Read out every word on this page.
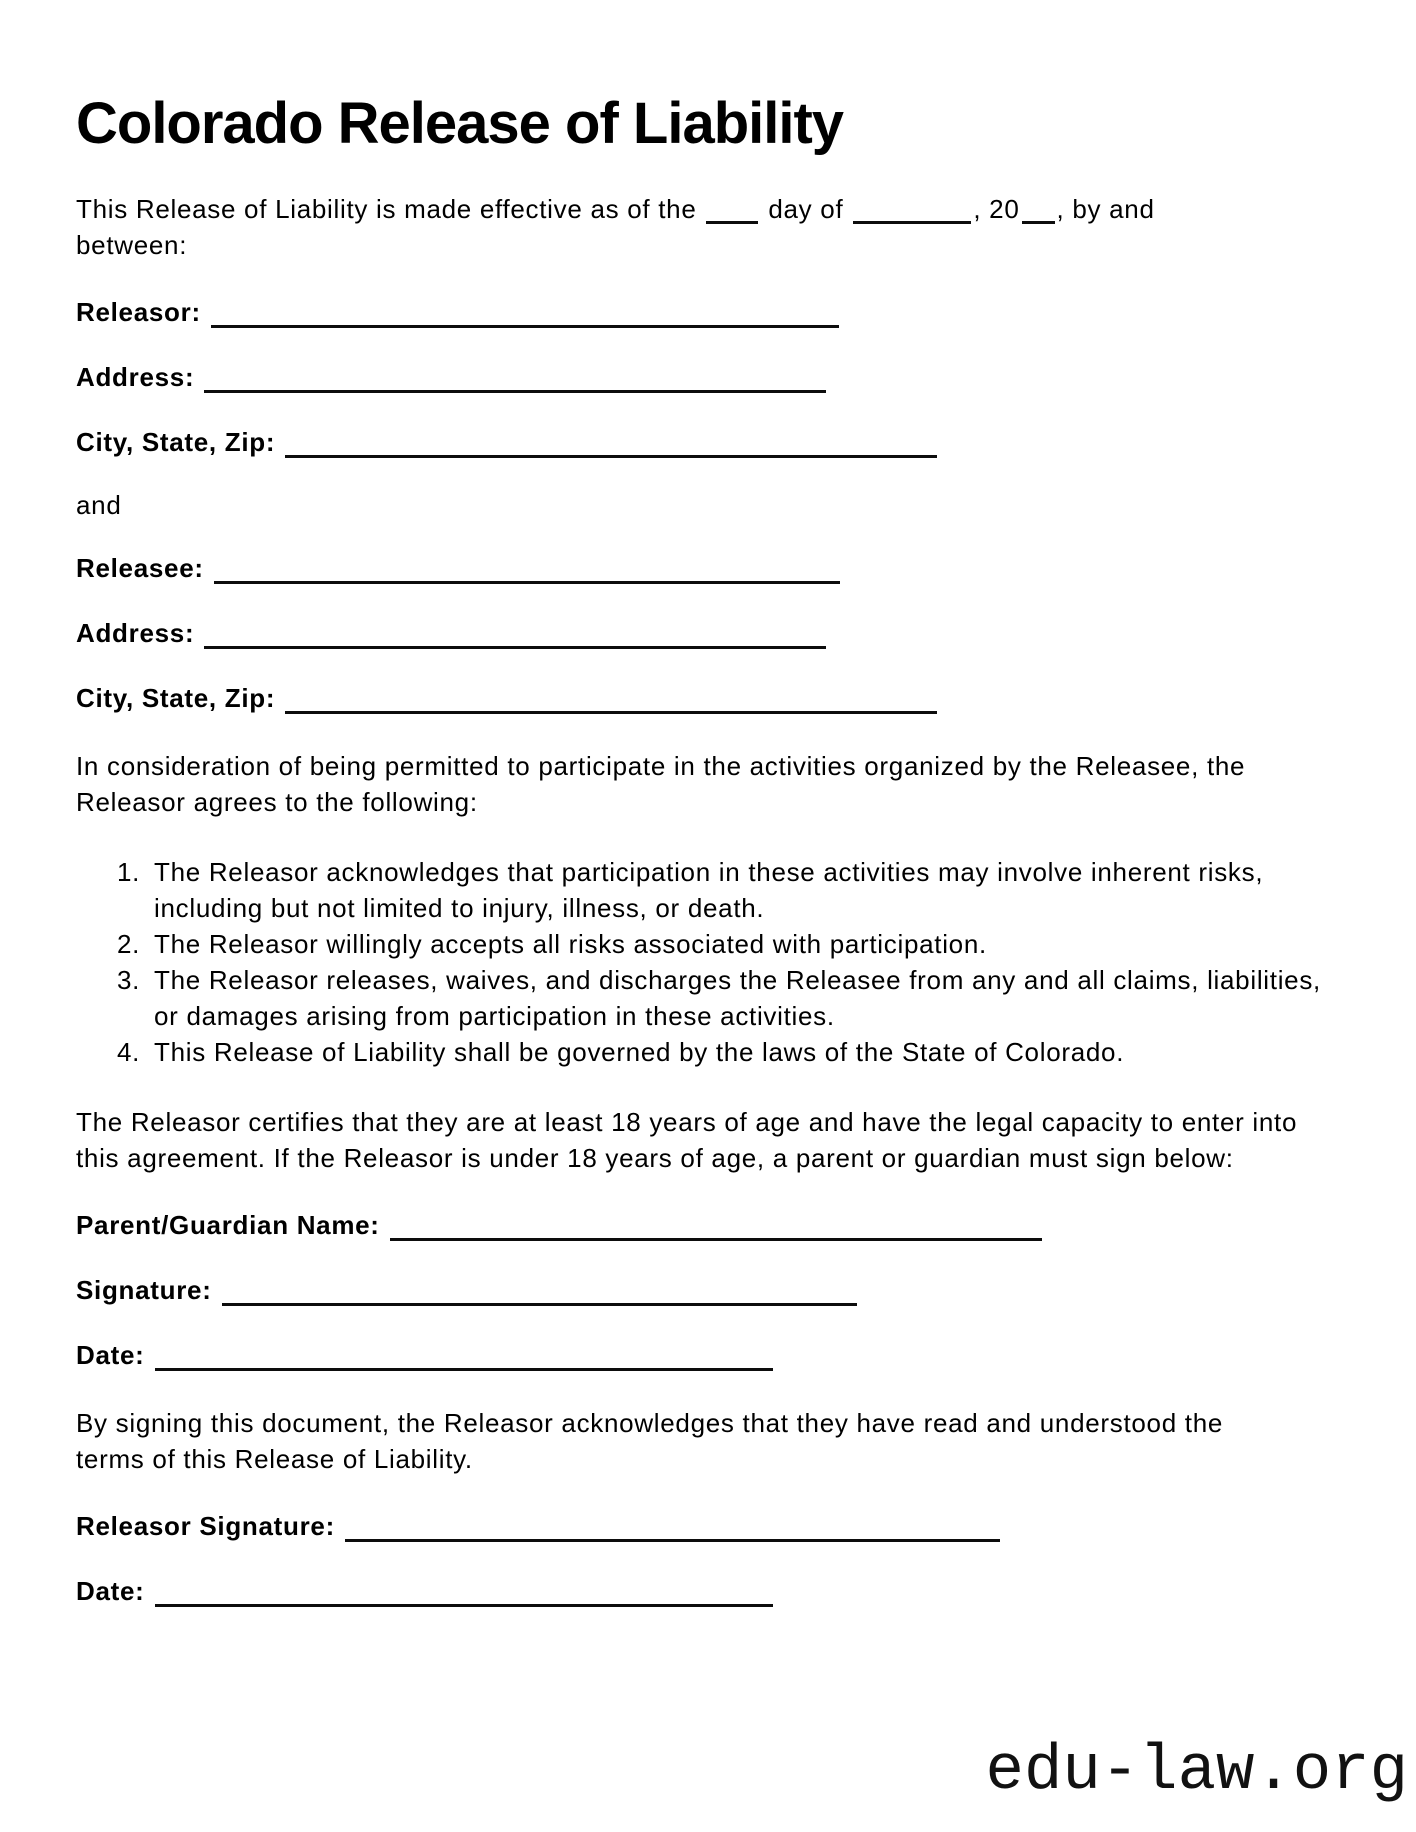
Colorado Release of Liability

This Release of Liability is made effective as of the	day of	, 20 , by and
between:

Releasor:
Address:
City, State, Zip:
and
Releasee:
Address:
City, State, Zip:

In consideration of being permitted to participate in the activities organized by the Releasee, the Releasor agrees to the following:

1. The Releasor acknowledges that participation in these activities may involve inherent risks, including but not limited to injury, illness, or death.
2. The Releasor willingly accepts all risks associated with participation.
3. The Releasor releases, waives, and discharges the Releasee from any and all claims, liabilities, or damages arising from participation in these activities.
4. This Release of Liability shall be governed by the laws of the State of Colorado.

The Releasor certifies that they are at least 18 years of age and have the legal capacity to enter into this agreement. If the Releasor is under 18 years of age, a parent or guardian must sign below:

Parent/Guardian Name:
Signature:
Date:

By signing this document, the Releasor acknowledges that they have read and understood the terms of this Release of Liability.

Releasor Signature:
Date:
edu-law.org
